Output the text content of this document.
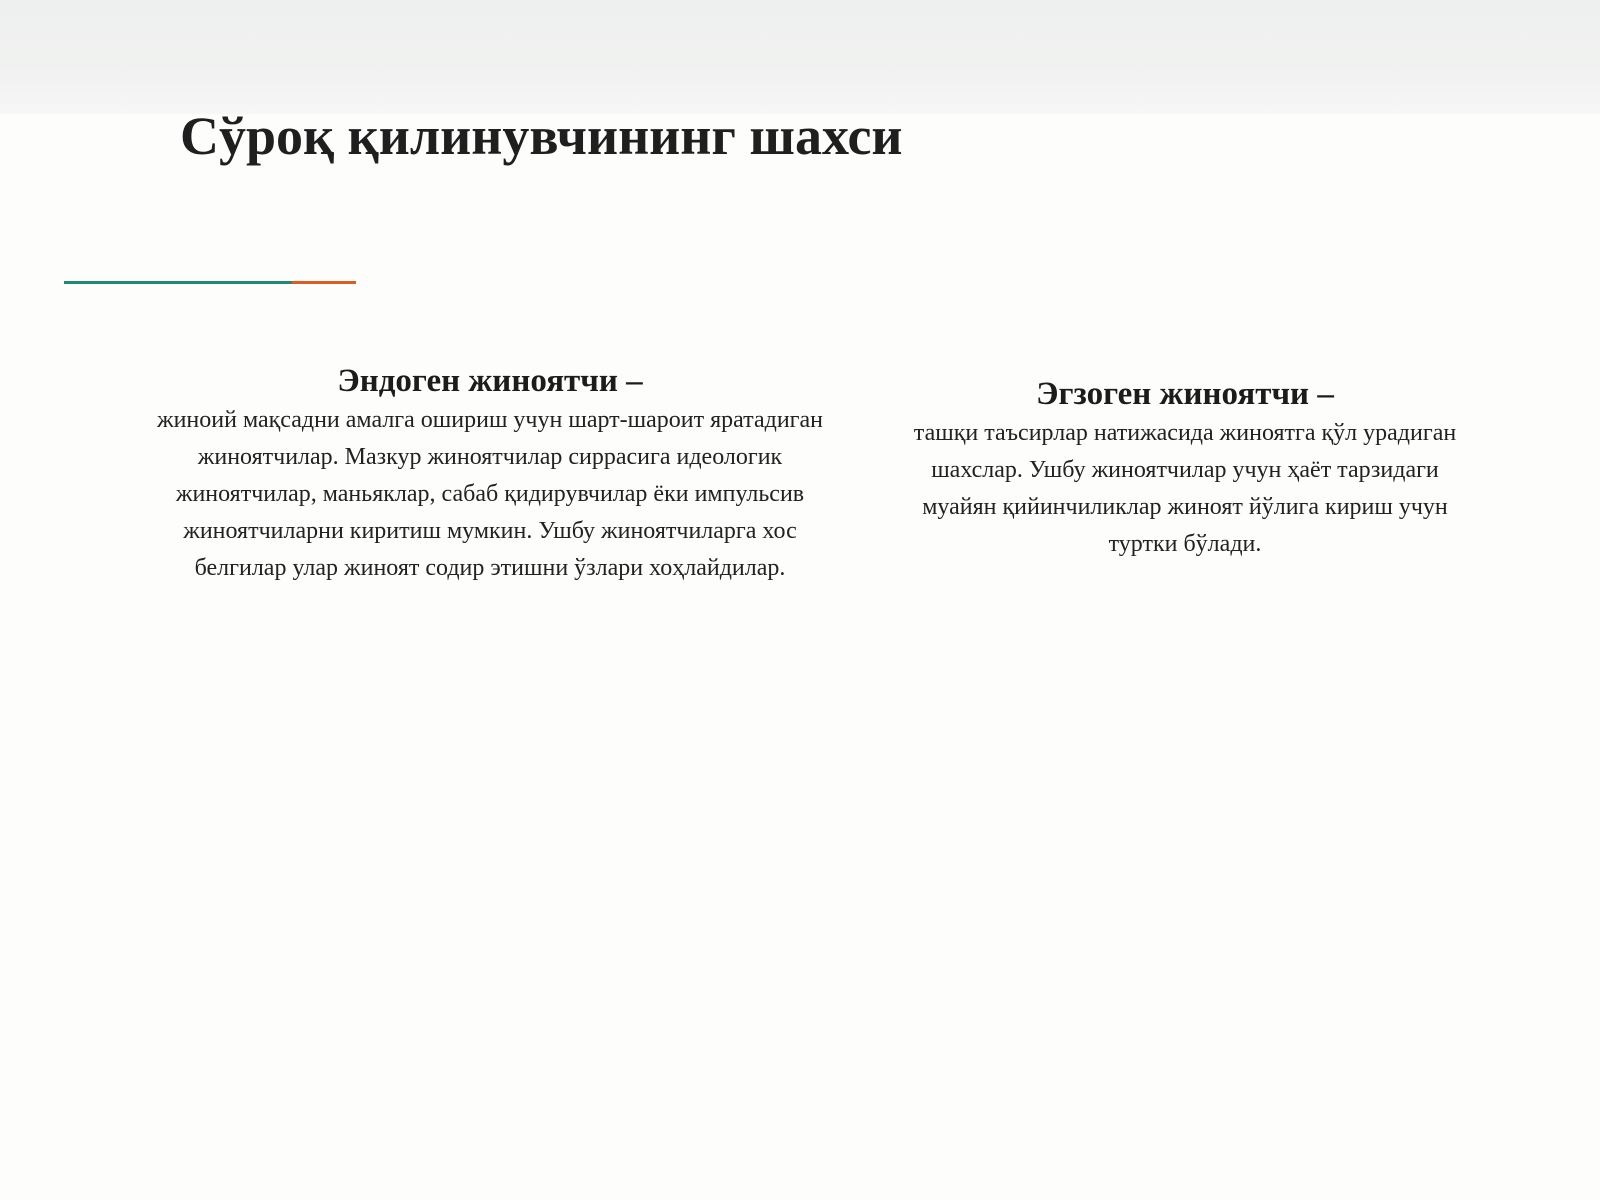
Сўроқ қилинувчининг шахси
Эндоген жиноятчи –

жиноий мақсадни амалга ошириш учун шарт-шароит яратадиган жиноятчилар. Мазкур жиноятчилар сиррасига идеологик жиноятчилар, маньяклар, сабаб қидирувчилар ёки импульсив жиноятчиларни киритиш мумкин. Ушбу жиноятчиларга хос белгилар улар жиноят содир этишни ўзлари хоҳлайдилар.

Эгзоген жиноятчи –

ташқи таъсирлар натижасида жиноятга қўл урадиган шахслар. Ушбу жиноятчилар учун ҳаёт тарзидаги муайян қийинчиликлар жиноят йўлига кириш учун туртки бўлади.
